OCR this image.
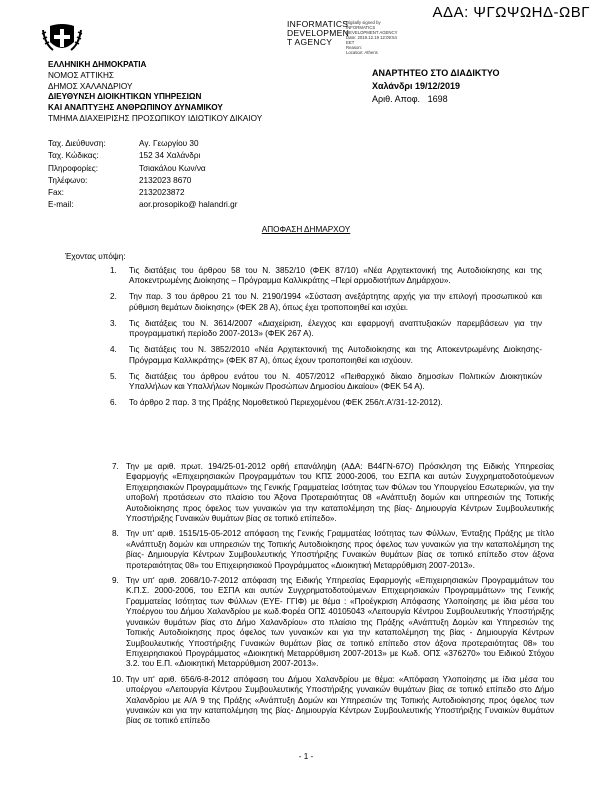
ΑΔΑ: ΨΓΩΨΩΗΔ-ΩΒΓ
INFORMATICS
DEVELOPMEN
T AGENCY
Digitally signed by
INFORMATICS
DEVELOPMENT AGENCY
Date: 2019.12.19 12:09:54
EET
Reason:
Location: Athens
ΑΝΑΡΤΗΤΕΟ ΣΤΟ ΔΙΑΔΙΚΤΥΟ
Χαλάνδρι 19/12/2019
Αριθ. Αποφ. 1698
ΕΛΛΗΝΙΚΗ ΔΗΜΟΚΡΑΤΙΑ
ΝΟΜΟΣ ΑΤΤΙΚΗΣ
ΔΗΜΟΣ ΧΑΛΑΝΔΡΙΟΥ
ΔΙΕΥΘΥΝΣΗ ΔΙΟΙΚΗΤΙΚΩΝ ΥΠΗΡΕΣΙΩΝ
ΚΑΙ ΑΝΑΠΤΥΞΗΣ ΑΝΘΡΩΠΙΝΟΥ ΔΥΝΑΜΙΚΟΥ
ΤΜΗΜΑ ΔΙΑΧΕΙΡΙΣΗΣ ΠΡΟΣΩΠΙΚΟΥ ΙΔΙΩΤΙΚΟΥ ΔΙΚΑΙΟΥ
Ταχ. Διεύθυνση:	Αγ. Γεωργίου 30
Ταχ. Κώδικας:	152 34 Χαλάνδρι
Πληροφορίες:	Τσιακάλου Κων/να
Τηλέφωνο:	2132023 8670
Fax:	2132023872
E-mail:	aor.prosopiko@ halandri.gr
ΑΠΟΦΑΣΗ ΔΗΜΑΡΧΟΥ
Έχοντας υπόψη:
1.	Τις διατάξεις του άρθρου 58 του Ν. 3852/10 (ΦΕΚ 87/10) «Νέα Αρχιτεκτονική της Αυτοδιοίκησης και της Αποκεντρωμένης Διοίκησης – Πρόγραμμα Καλλικράτης –Περί αρμοδιοτήτων Δημάρχου».
2.	Την παρ. 3 του άρθρου 21 του Ν. 2190/1994 «Σύσταση ανεξάρτητης αρχής για την επιλογή προσωπικού και ρύθμιση θεμάτων διοίκησης» (ΦΕΚ 28 Α), όπως έχει τροποποιηθεί και ισχύει.
3.	Τις διατάξεις του Ν. 3614/2007 «Διαχείριση, έλεγχος και εφαρμογή αναπτυξιακών παρεμβάσεων για την προγραμματική περίοδο 2007-2013» (ΦΕΚ 267 Α).
4.	Τις διατάξεις του Ν. 3852/2010 «Νέα Αρχιτεκτονική της Αυτοδιοίκησης και της Αποκεντρωμένης Διοίκησης- Πρόγραμμα Καλλικράτης» (ΦΕΚ 87 Α), όπως έχουν τροποποιηθεί και ισχύουν.
5.	Τις διατάξεις του άρθρου ενάτου του Ν. 4057/2012 «Πειθαρχικό δίκαιο δημοσίων Πολιτικών Διοικητικών Υπαλλήλων και Υπαλλήλων Νομικών Προσώπων Δημοσίου Δικαίου» (ΦΕΚ 54 Α).
6.	Το άρθρο 2 παρ. 3 της Πράξης Νομοθετικού Περιεχομένου (ΦΕΚ 256/τ.Α'/31-12-2012).
7. Την με αριθ. πρωτ. 194/25-01-2012 ορθή επανάληψη (ΑΔΑ: Β44ΓΝ-67Ο) Πρόσκληση της Ειδικής Υπηρεσίας Εφαρμογής «Επιχειρησιακών Προγραμμάτων του ΚΠΣ 2000-2006, του ΕΣΠΑ και αυτών Συγχρηματοδοτούμενων Επιχειρησιακών Προγραμμάτων» της Γενικής Γραμματείας Ισότητας των Φύλων του Υπουργείου Εσωτερικών, για την υποβολή προτάσεων στο πλαίσιο του Άξονα Προτεραιότητας 08 «Ανάπτυξη δομών και υπηρεσιών της Τοπικής Αυτοδιοίκησης προς όφελος των γυναικών για την καταπολέμηση της βίας- Δημιουργία Κέντρων Συμβουλευτικής Υποστήριξης Γυναικών θυμάτων βίας σε τοπικό επίπεδο».
8. Την υπ' αριθ. 1515/15-05-2012 απόφαση της Γενικής Γραμματέας Ισότητας των Φύλλων, Ένταξης Πράξης με τίτλο «Ανάπτυξη δομών και υπηρεσιών της Τοπικής Αυτοδιοίκησης προς όφελος των γυναικών για την καταπολέμηση της βίας- Δημιουργία Κέντρων Συμβουλευτικής Υποστήριξης Γυναικών θυμάτων βίας σε τοπικό επίπεδο στον άξονα προτεραιότητας 08» του Επιχειρησιακού Προγράμματος «Διοικητική Μεταρρύθμιση 2007-2013».
9. Την υπ' αριθ. 2068/10-7-2012 απόφαση της Ειδικής Υπηρεσίας Εφαρμογής «Επιχειρησιακών Προγραμμάτων του Κ.Π.Σ. 2000-2006, του ΕΣΠΑ και αυτών Συγχρηματοδοτούμενων Επιχειρησιακών Προγραμμάτων» της Γενικής Γραμματείας Ισότητας των Φύλλων (ΕΥΕ- ΓΓΙΦ) με θέμα : «Προέγκριση Απόφασης Υλοποίησης με ίδια μέσα του Υποέργου του Δήμου Χαλανδρίου με κωδ.Φορέα ΟΠΣ 40105043 «Λειτουργία Κέντρου Συμβουλευτικής Υποστήριξης γυναικών θυμάτων βίας στο Δήμο Χαλανδρίου» στο πλαίσιο της Πράξης «Ανάπτυξη Δομών και Υπηρεσιών της Τοπικής Αυτοδιοίκησης προς όφελος των γυναικών και για την καταπολέμηση της βίας - Δημιουργία Κέντρων Συμβουλευτικής Υποστήριξης Γυναικών θυμάτων βίας σε τοπικό επίπεδο στον άξονα προτεραιότητας 08» του Επιχειρησιακού Προγράμματος «Διοικητική Μεταρρύθμιση 2007-2013» με Κωδ. ΟΠΣ «376270» του Ειδικού Στόχου 3.2. του Ε.Π. «Διοικητική Μεταρρύθμιση 2007-2013».
10. Την υπ' αριθ. 656/6-8-2012 απόφαση του Δήμου Χαλανδρίου με θέμα: «Απόφαση Υλοποίησης με ίδια μέσα του υποέργου «Λειτουργία Κέντρου Συμβουλευτικής Υποστήριξης γυναικών θυμάτων βίας σε τοπικό επίπεδο στο Δήμο Χαλανδρίου με Α/Α 9 της Πράξης «Ανάπτυξη Δομών και Υπηρεσιών της Τοπικής Αυτοδιοίκησης προς όφελος των γυναικών και για την καταπολέμηση της βίας- Δημιουργία Κέντρων Συμβουλευτικής Υποστήριξης Γυναικών θυμάτων βίας σε τοπικό επίπεδο
- 1 -
